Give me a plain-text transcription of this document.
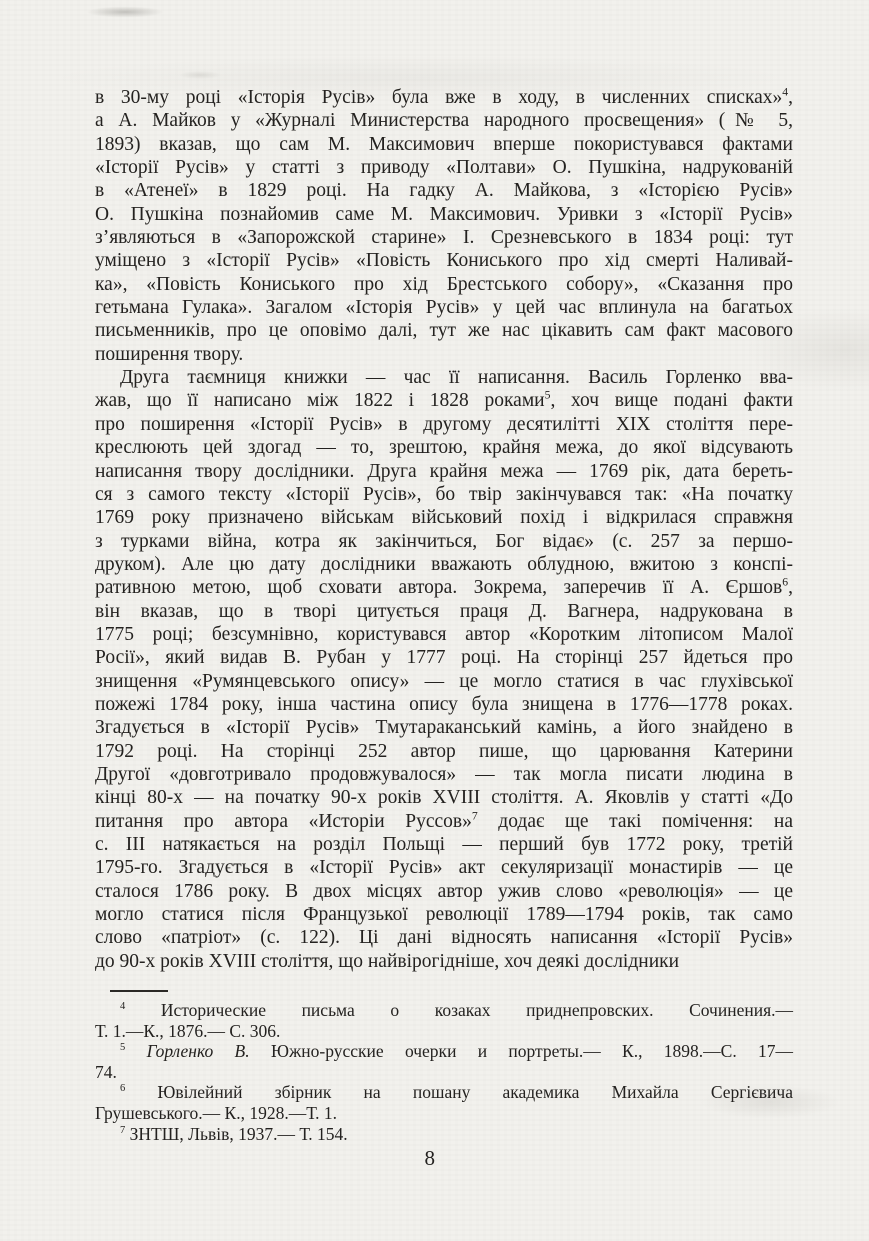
в 30-му році «Історія Русів» була вже в ходу, в численних списках»$^4$,
а А. Майков у «Журналі Министерства народного просвещения» (№ 5,
1893) вказав, що сам М. Максимович вперше покористувався фактами
«Історії Русів» у статті з приводу «Полтави» О. Пушкіна, надрукованій
в «Атенеї» в 1829 році. На гадку А. Майкова, з «Історією Русів»
О. Пушкіна познайомив саме М. Максимович. Уривки з «Історії Русів»
з’являються в «Запорожской старине» І. Срезневського в 1834 році: тут
уміщено з «Історії Русів» «Повість Кониського про хід смерті Наливай-
ка», «Повість Кониського про хід Брестського собору», «Сказання про
гетьмана Гулака». Загалом «Історія Русів» у цей час вплинула на багатьох
письменників, про це оповімо далі, тут же нас цікавить сам факт масового
поширення твору.
Друга таємниця книжки — час її написання. Василь Горленко вва-
жав, що її написано між 1822 і 1828 роками$^5$, хоч вище подані факти
про поширення «Історії Русів» в другому десятилітті XIX століття пере-
креслюють цей здогад — то, зрештою, крайня межа, до якої відсувають
написання твору дослідники. Друга крайня межа — 1769 рік, дата береть-
ся з самого тексту «Історії Русів», бо твір закінчувався так: «На початку
1769 року призначено військам військовий похід і відкрилася справжня
з турками війна, котра як закінчиться, Бог відає» (с. 257 за першо-
друком). Але цю дату дослідники вважають облудною, вжитою з конспі-
ративною метою, щоб сховати автора. Зокрема, заперечив її А. Єршов$^6$,
він вказав, що в творі цитується праця Д. Вагнера, надрукована в
1775 році; безсумнівно, користувався автор «Коротким літописом Малої
Росії», який видав В. Рубан у 1777 році. На сторінці 257 йдеться про
знищення «Румянцевського опису» — це могло статися в час глухівської
пожежі 1784 року, інша частина опису була знищена в 1776—1778 роках.
Згадується в «Історії Русів» Тмутараканський камінь, а його знайдено в
1792 році. На сторінці 252 автор пише, що царювання Катерини
Другої «довготривало продовжувалося» — так могла писати людина в
кінці 80-х — на початку 90-х років XVIII століття. А. Яковлів у статті «До
питання про автора «Исторіи Руссов»$^7$ додає ще такі помічення: на
с. III натякається на розділ Польщі — перший був 1772 року, третій
1795-го. Згадується в «Історії Русів» акт секуляризації монастирів — це
сталося 1786 року. В двох місцях автор ужив слово «революція» — це
могло статися після Французької революції 1789—1794 років, так само
слово «патріот» (с. 122). Ці дані відносять написання «Історії Русів»
до 90-х років XVIII століття, що найвірогідніше, хоч деякі дослідники
$^4$ Исторические письма о козаках приднепровских. Сочинения.—
Т. 1.—К., 1876.— С. 306.
$^5$ Горленко В. Южно-русские очерки и портреты.— К., 1898.—С. 17—
74.
$^6$ Ювілейний збірник на пошану академика Михайла Сергієвича
Грушевського.— К., 1928.—Т. 1.
$^7$ ЗНТШ, Львів, 1937.— Т. 154.
8
